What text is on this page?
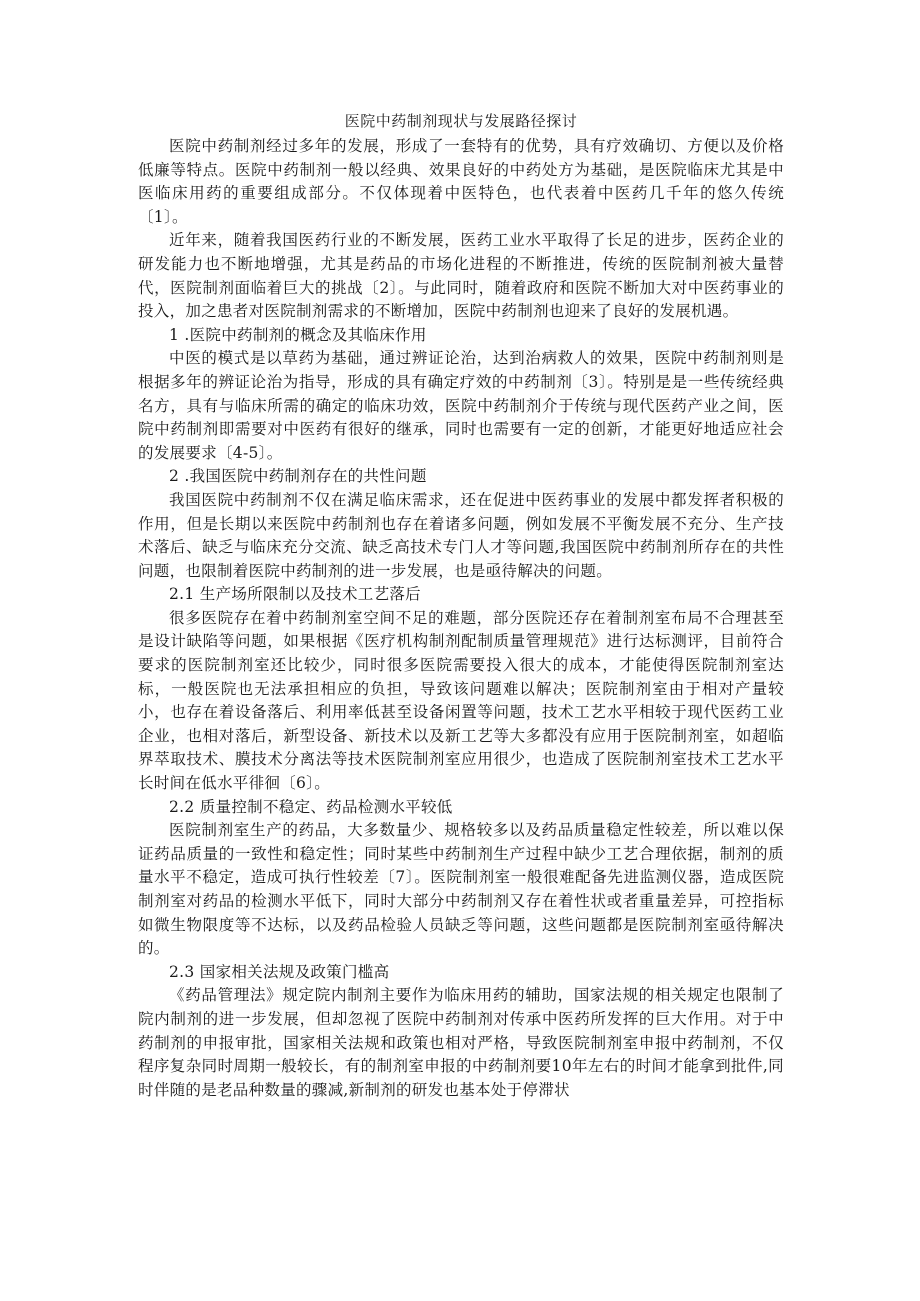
医院中药制剂现状与发展路径探讨

医院中药制剂经过多年的发展，形成了一套特有的优势，具有疗效确切、方便以及价格低廉等特点。医院中药制剂一般以经典、效果良好的中药处方为基础，是医院临床尤其是中医临床用药的重要组成部分。不仅体现着中医特色，也代表着中医药几千年的悠久传统〔1〕。

近年来，随着我国医药行业的不断发展，医药工业水平取得了长足的进步，医药企业的研发能力也不断地增强，尤其是药品的市场化进程的不断推进，传统的医院制剂被大量替代，医院制剂面临着巨大的挑战〔2〕。与此同时，随着政府和医院不断加大对中医药事业的投入，加之患者对医院制剂需求的不断增加，医院中药制剂也迎来了良好的发展机遇。

1 .医院中药制剂的概念及其临床作用

中医的模式是以草药为基础，通过辨证论治，达到治病救人的效果，医院中药制剂则是根据多年的辨证论治为指导，形成的具有确定疗效的中药制剂〔3〕。特别是是一些传统经典名方，具有与临床所需的确定的临床功效，医院中药制剂介于传统与现代医药产业之间，医院中药制剂即需要对中医药有很好的继承，同时也需要有一定的创新，才能更好地适应社会的发展要求〔4-5〕。

2 .我国医院中药制剂存在的共性问题

我国医院中药制剂不仅在满足临床需求，还在促进中医药事业的发展中都发挥者积极的作用，但是长期以来医院中药制剂也存在着诸多问题，例如发展不平衡发展不充分、生产技术落后、缺乏与临床充分交流、缺乏高技术专门人才等问题,我国医院中药制剂所存在的共性问题，也限制着医院中药制剂的进一步发展，也是亟待解决的问题。

2.1 生产场所限制以及技术工艺落后

很多医院存在着中药制剂室空间不足的难题，部分医院还存在着制剂室布局不合理甚至是设计缺陷等问题，如果根据《医疗机构制剂配制质量管理规范》进行达标测评，目前符合要求的医院制剂室还比较少，同时很多医院需要投入很大的成本，才能使得医院制剂室达标，一般医院也无法承担相应的负担，导致该问题难以解决；医院制剂室由于相对产量较小，也存在着设备落后、利用率低甚至设备闲置等问题，技术工艺水平相较于现代医药工业企业，也相对落后，新型设备、新技术以及新工艺等大多都没有应用于医院制剂室，如超临界萃取技术、膜技术分离法等技术医院制剂室应用很少，也造成了医院制剂室技术工艺水平长时间在低水平徘徊〔6〕。

2.2 质量控制不稳定、药品检测水平较低

医院制剂室生产的药品，大多数量少、规格较多以及药品质量稳定性较差，所以难以保证药品质量的一致性和稳定性；同时某些中药制剂生产过程中缺少工艺合理依据，制剂的质量水平不稳定，造成可执行性较差〔7〕。医院制剂室一般很难配备先进监测仪器，造成医院制剂室对药品的检测水平低下，同时大部分中药制剂又存在着性状或者重量差异，可控指标如微生物限度等不达标，以及药品检验人员缺乏等问题，这些问题都是医院制剂室亟待解决的。

2.3 国家相关法规及政策门槛高

《药品管理法》规定院内制剂主要作为临床用药的辅助，国家法规的相关规定也限制了院内制剂的进一步发展，但却忽视了医院中药制剂对传承中医药所发挥的巨大作用。对于中药制剂的申报审批，国家相关法规和政策也相对严格，导致医院制剂室申报中药制剂，不仅程序复杂同时周期一般较长，有的制剂室申报的中药制剂要10年左右的时间才能拿到批件,同时伴随的是老品种数量的骤减,新制剂的研发也基本处于停滞状
